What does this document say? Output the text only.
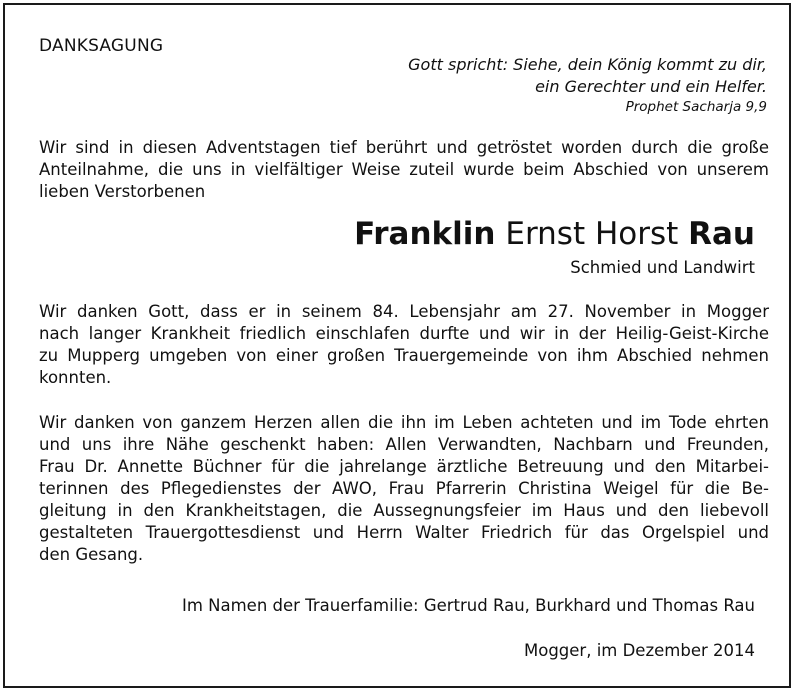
DANKSAGUNG
Gott spricht: Siehe, dein König kommt zu dir,
ein Gerechter und ein Helfer.
Prophet Sacharja 9,9
Wir sind in diesen Adventstagen tief berührt und getröstet worden durch die große
Anteilnahme, die uns in vielfältiger Weise zuteil wurde beim Abschied von unserem
lieben Verstorbenen
Franklin Ernst Horst Rau
Schmied und Landwirt
Wir danken Gott, dass er in seinem 84. Lebensjahr am 27. November in Mogger
nach langer Krankheit friedlich einschlafen durfte und wir in der Heilig-Geist-Kirche
zu Mupperg umgeben von einer großen Trauergemeinde von ihm Abschied nehmen
konnten.
Wir danken von ganzem Herzen allen die ihn im Leben achteten und im Tode ehrten
und uns ihre Nähe geschenkt haben: Allen Verwandten, Nachbarn und Freunden,
Frau Dr. Annette Büchner für die jahrelange ärztliche Betreuung und den Mitarbei-
terinnen des Pflegedienstes der AWO, Frau Pfarrerin Christina Weigel für die Be-
gleitung in den Krankheitstagen, die Aussegnungsfeier im Haus und den liebevoll
gestalteten Trauergottesdienst und Herrn Walter Friedrich für das Orgelspiel und
den Gesang.
Im Namen der Trauerfamilie: Gertrud Rau, Burkhard und Thomas Rau
Mogger, im Dezember 2014
